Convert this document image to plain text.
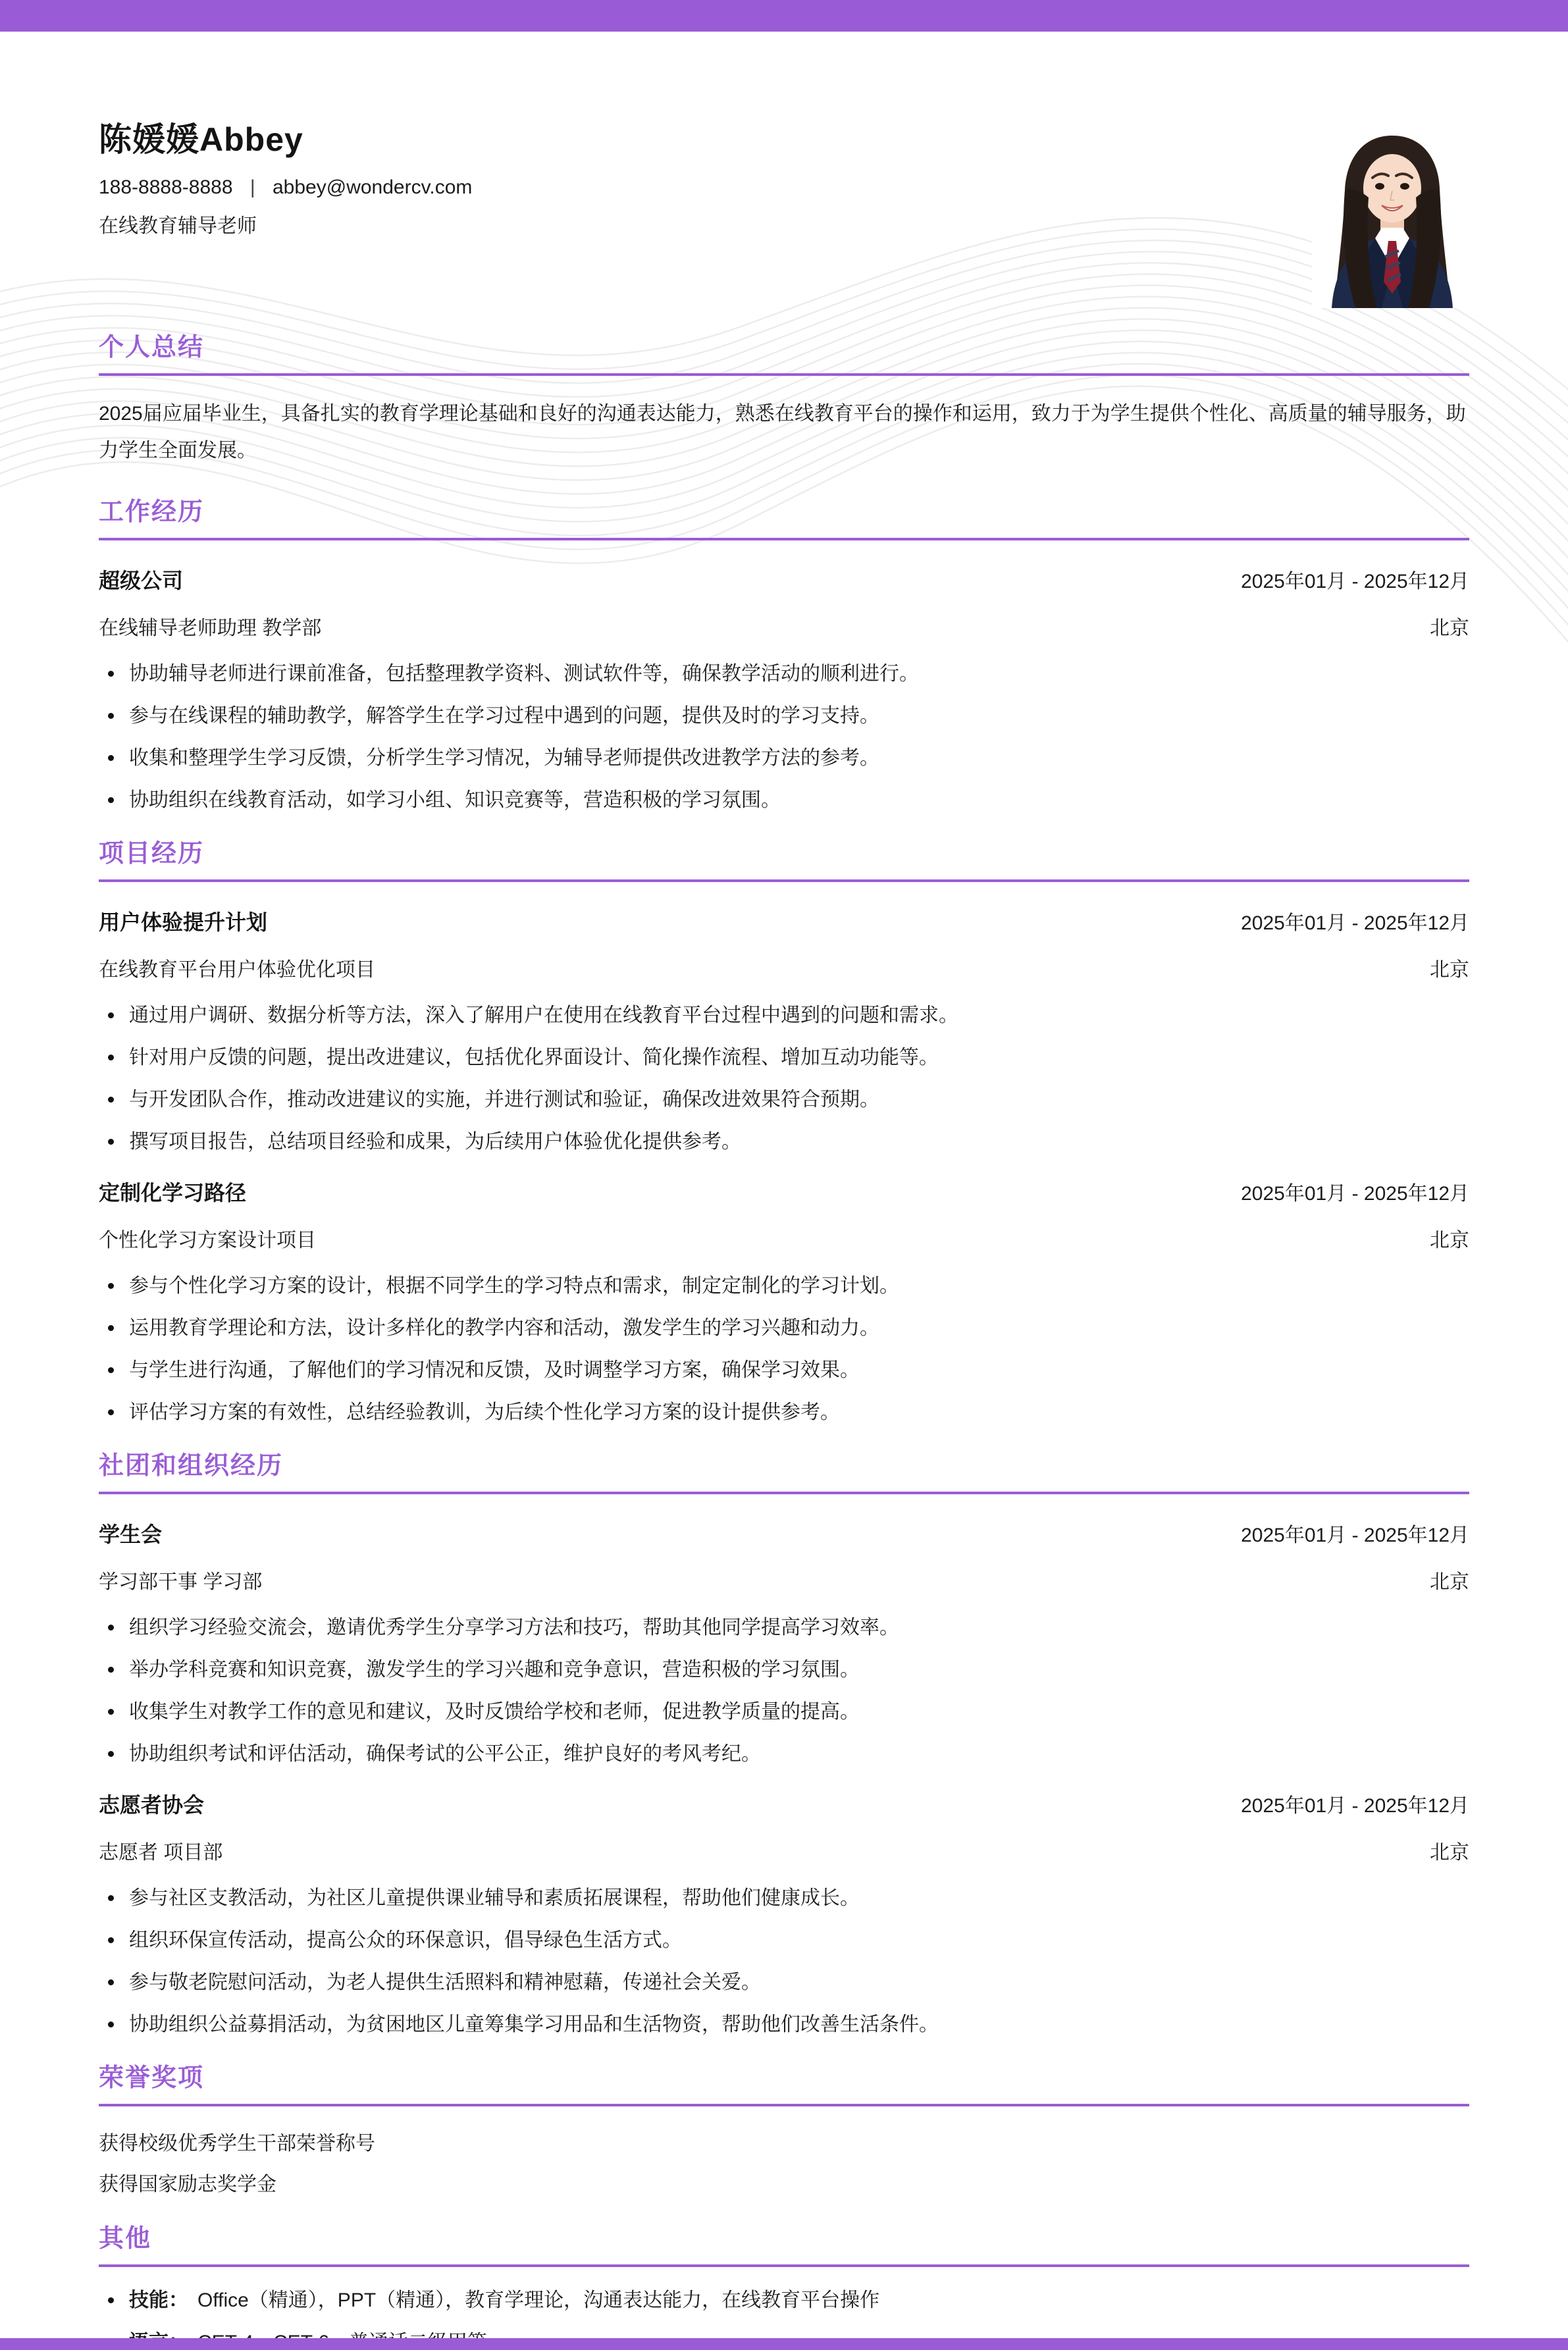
陈媛媛Abbey
188-8888-8888 | abbey@wondercv.com
在线教育辅导老师
个人总结
2025届应届毕业生，具备扎实的教育学理论基础和良好的沟通表达能力，熟悉在线教育平台的操作和运用，致力于为学生提供个性化、高质量的辅导服务，助力学生全面发展。
工作经历
超级公司	2025年01月 - 2025年12月
在线辅导老师助理 教学部	北京
协助辅导老师进行课前准备，包括整理教学资料、测试软件等，确保教学活动的顺利进行。
参与在线课程的辅助教学，解答学生在学习过程中遇到的问题，提供及时的学习支持。
收集和整理学生学习反馈，分析学生学习情况，为辅导老师提供改进教学方法的参考。
协助组织在线教育活动，如学习小组、知识竞赛等，营造积极的学习氛围。
项目经历
用户体验提升计划	2025年01月 - 2025年12月
在线教育平台用户体验优化项目	北京
通过用户调研、数据分析等方法，深入了解用户在使用在线教育平台过程中遇到的问题和需求。
针对用户反馈的问题，提出改进建议，包括优化界面设计、简化操作流程、增加互动功能等。
与开发团队合作，推动改进建议的实施，并进行测试和验证，确保改进效果符合预期。
撰写项目报告，总结项目经验和成果，为后续用户体验优化提供参考。
定制化学习路径	2025年01月 - 2025年12月
个性化学习方案设计项目	北京
参与个性化学习方案的设计，根据不同学生的学习特点和需求，制定定制化的学习计划。
运用教育学理论和方法，设计多样化的教学内容和活动，激发学生的学习兴趣和动力。
与学生进行沟通，了解他们的学习情况和反馈，及时调整学习方案，确保学习效果。
评估学习方案的有效性，总结经验教训，为后续个性化学习方案的设计提供参考。
社团和组织经历
学生会	2025年01月 - 2025年12月
学习部干事 学习部	北京
组织学习经验交流会，邀请优秀学生分享学习方法和技巧，帮助其他同学提高学习效率。
举办学科竞赛和知识竞赛，激发学生的学习兴趣和竞争意识，营造积极的学习氛围。
收集学生对教学工作的意见和建议，及时反馈给学校和老师，促进教学质量的提高。
协助组织考试和评估活动，确保考试的公平公正，维护良好的考风考纪。
志愿者协会	2025年01月 - 2025年12月
志愿者 项目部	北京
参与社区支教活动，为社区儿童提供课业辅导和素质拓展课程，帮助他们健康成长。
组织环保宣传活动，提高公众的环保意识，倡导绿色生活方式。
参与敬老院慰问活动，为老人提供生活照料和精神慰藉，传递社会关爱。
协助组织公益募捐活动，为贫困地区儿童筹集学习用品和生活物资，帮助他们改善生活条件。
荣誉奖项
获得校级优秀学生干部荣誉称号
获得国家励志奖学金
其他
技能： Office（精通），PPT（精通），教育学理论，沟通表达能力，在线教育平台操作
